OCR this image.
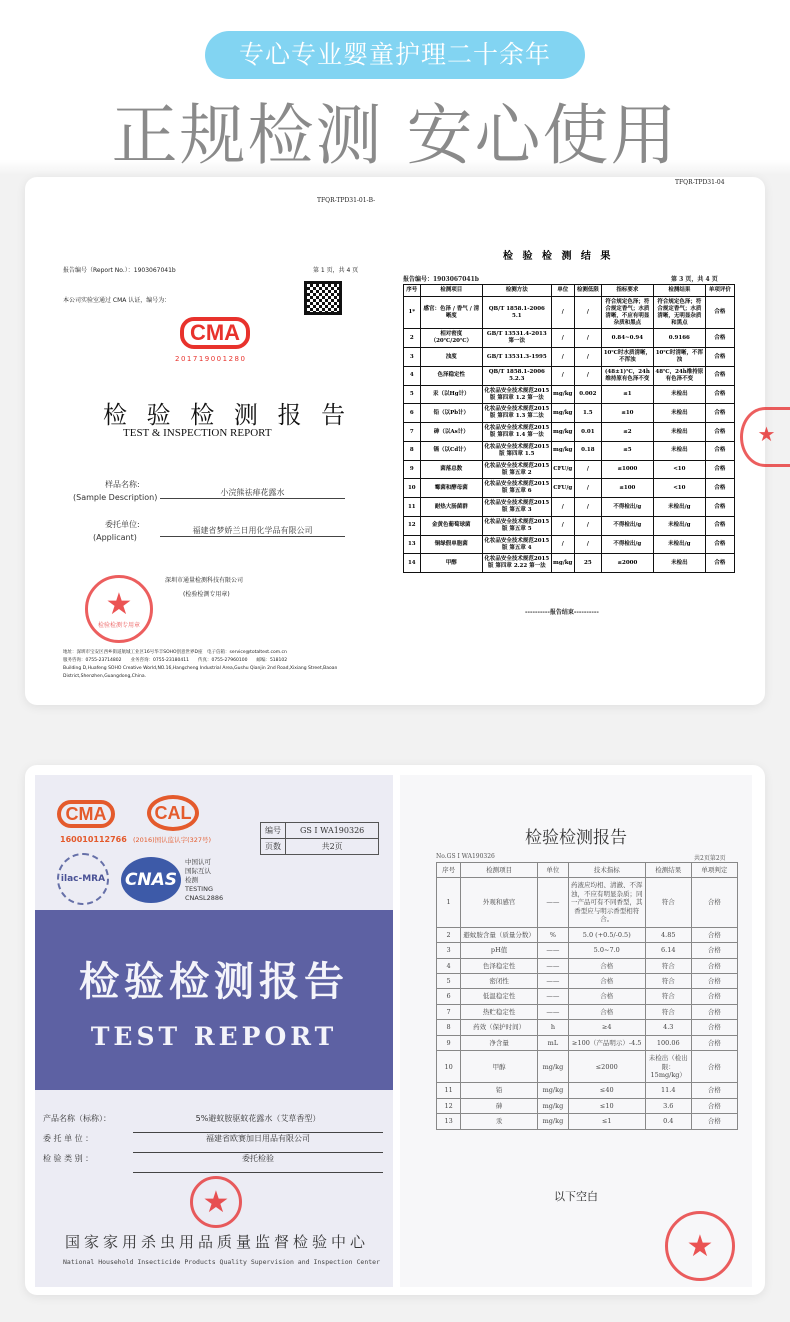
专心专业婴童护理二十余年
正规检测 安心使用
TFQR-TPD31-01-B-
TFQR-TPD31-04
报告编号（Report No.）：1903067041b	第 1 页，共 4 页
本公司实验室通过 CMA 认证，编号为：
CMA
201719001280
检 验 检 测 报 告
TEST & INSPECTION REPORT
样品名称:
(Sample Description)
小浣熊祛痱花露水
委托单位:
(Applicant)
福建省梦娇兰日用化学品有限公司
深圳市通量检测科技有限公司
(检验检测专用章)
★
检验检测专用章
地址：深圳市宝安区西乡街道航城工业区16号华丰SOHO创意世界D座　电子信箱：service@totaltest.com.cn
服务咨询：0755-23714802　　业务咨询：0755-23180411　　传真：0755-27960100　　邮编：518102
Building D,Huafeng SOHO Creative World,NO.16,Hangcheng Industrial Area,Gushu Qianjin 2nd Road,Xixiang Street,Baoan
District,Shenzhen,Guangdong,China.
检 验 检 测 结 果
报告编号：1903067041b	第 3 页，共 4 页
----------报告结束----------
★
序号	检测项目	检测方法	单位	检测低限	指标要求	检测结果	单项评价
1*	感官：色泽 / 香气 / 清晰度	QB/T 1858.1-2006 5.1	/	/	符合规定色泽；符合规定香气；水质清晰，不应有明显杂质和黑点	符合规定色泽；符合规定香气；水质清晰，无明显杂质和黑点	合格
2	相对密度（20℃/20℃）	GB/T 13531.4-2013 第一法	/	/	0.84~0.94	0.9166	合格
3	浊度	GB/T 13531.3-1995	/	/	10℃时水质清晰，不浑浊	10℃时清晰，不浑浊	合格
4	色泽稳定性	QB/T 1858.1-2006 5.2.3	/	/	(48±1)℃，24h维持原有色泽不变	48℃，24h维持原有色泽不变	合格
5	汞（以Hg计）	化妆品安全技术规范2015版 第四章 1.2 第一法	mg/kg	0.002	≤1	未检出	合格
6	铅（以Pb计）	化妆品安全技术规范2015版 第四章 1.3 第二法	mg/kg	1.5	≤10	未检出	合格
7	砷（以As计）	化妆品安全技术规范2015版 第四章 1.4 第一法	mg/kg	0.01	≤2	未检出	合格
8	镉（以Cd计）	化妆品安全技术规范2015版 第四章 1.5	mg/kg	0.18	≤5	未检出	合格
9	菌落总数	化妆品安全技术规范2015版 第五章 2	CFU/g	/	≤1000	<10	合格
10	霉菌和酵母菌	化妆品安全技术规范2015版 第五章 6	CFU/g	/	≤100	<10	合格
11	耐热大肠菌群	化妆品安全技术规范2015版 第五章 3	/	/	不得检出/g	未检出/g	合格
12	金黄色葡萄球菌	化妆品安全技术规范2015版 第五章 5	/	/	不得检出/g	未检出/g	合格
13	铜绿假单胞菌	化妆品安全技术规范2015版 第五章 4	/	/	不得检出/g	未检出/g	合格
14	甲醇	化妆品安全技术规范2015版 第四章 2.22 第一法	mg/kg	25	≤2000	未检出	合格
CMA
160010112766
CAL
(2016)国认监认字(327号)
ilac-MRA CNAS
中国认可
国际互认
检测
TESTING
CNASL2886
编号	GS I WA190326
页数	共2页
检验检测报告
TEST REPORT
产品名称（标称）：	5%避蚊胺驱蚊花露水（艾草香型）
委 托 单 位 ：	福建省欧赛加日用品有限公司
检 验 类 别 ：	委托检验
★
国家家用杀虫用品质量监督检验中心
National Household Insecticide Products Quality Supervision and Inspection Center
检验检测报告
No.GS I WA190326	共2页第2页
以下空白
★
序号	检测项目	单位	技术指标	检测结果	单项判定
1	外观和感官	——	药液应均相、清澈、不浑浊，不应有明显杂质；同一产品可有不同香型，其香型应与明示香型相符合。	符合	合格
2	避蚊胺含量（质量分数）	%	5.0 (+0.5/-0.5)	4.85	合格
3	pH值	——	5.0~7.0	6.14	合格
4	色泽稳定性	——	合格	符合	合格
5	密闭性	——	合格	符合	合格
6	低温稳定性	——	合格	符合	合格
7	热贮稳定性	——	合格	符合	合格
8	药效（保护时间）	h	≥4	4.3	合格
9	净含量	mL	≥100（产品明示）-4.5	100.06	合格
10	甲醇	mg/kg	≤2000	未检出（检出限：15mg/kg）	合格
11	铅	mg/kg	≤40	11.4	合格
12	砷	mg/kg	≤10	3.6	合格
13	汞	mg/kg	≤1	0.4	合格
